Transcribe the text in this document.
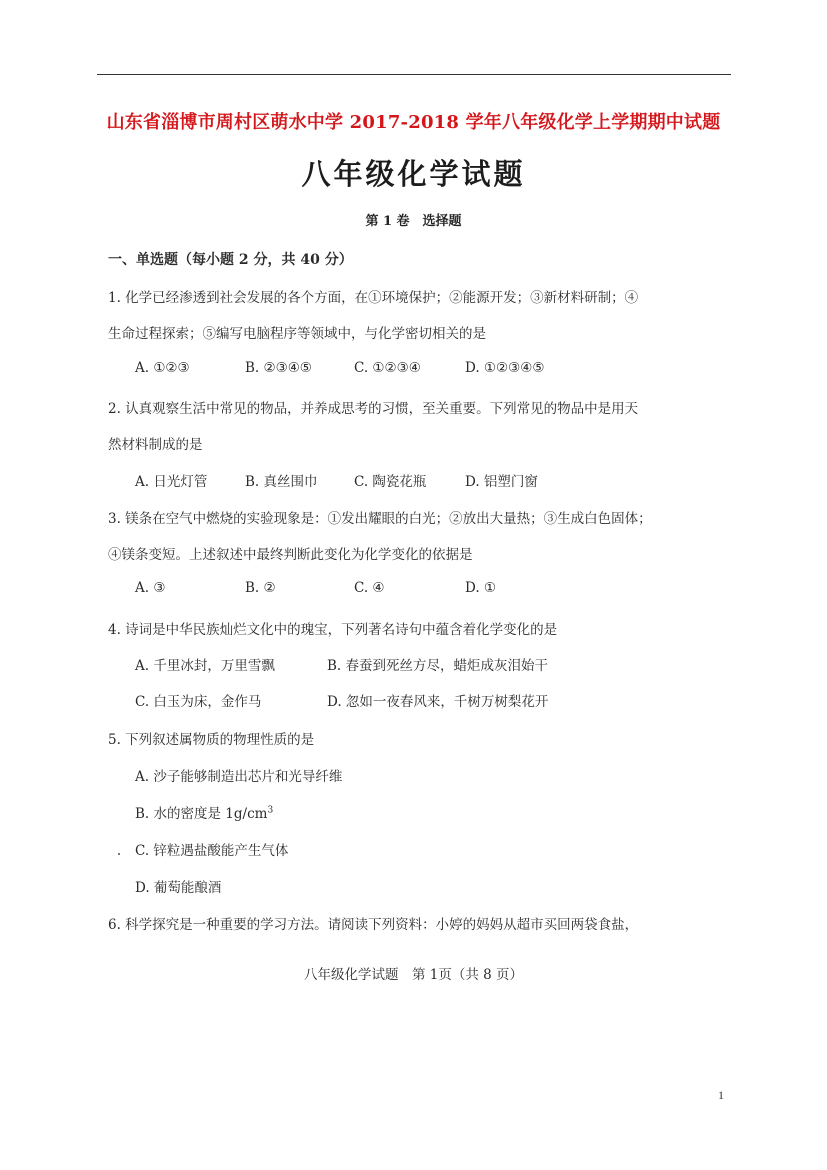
山东省淄博市周村区萌水中学 2017-2018 学年八年级化学上学期期中试题
八年级化学试题
第 1 卷　选择题
一、单选题（每小题 2 分，共 40 分）
1. 化学已经渗透到社会发展的各个方面，在①环境保护；②能源开发；③新材料研制；④
生命过程探索；⑤编写电脑程序等领域中，与化学密切相关的是
A. ①②③	B. ②③④⑤	C. ①②③④	D. ①②③④⑤
2. 认真观察生活中常见的物品，并养成思考的习惯，至关重要。下列常见的物品中是用天
然材料制成的是
A. 日光灯管	B. 真丝围巾	C. 陶瓷花瓶	D. 铝塑门窗
3. 镁条在空气中燃烧的实验现象是：①发出耀眼的白光；②放出大量热；③生成白色固体；
④镁条变短。上述叙述中最终判断此变化为化学变化的依据是
A. ③	B. ②	C. ④	D. ①
4. 诗词是中华民族灿烂文化中的瑰宝，下列著名诗句中蕴含着化学变化的是
A. 千里冰封，万里雪飘	B. 春蚕到死丝方尽，蜡炬成灰泪始干
C. 白玉为床，金作马	D. 忽如一夜春风来，千树万树梨花开
5. 下列叙述属物质的物理性质的是
A. 沙子能够制造出芯片和光导纤维
B. 水的密度是 $1g/cm^3$
C. 锌粒遇盐酸能产生气体
D. 葡萄能酿酒
6. 科学探究是一种重要的学习方法。请阅读下列资料：小婷的妈妈从超市买回两袋食盐，
八年级化学试题　第 1页（共 8 页）
1
